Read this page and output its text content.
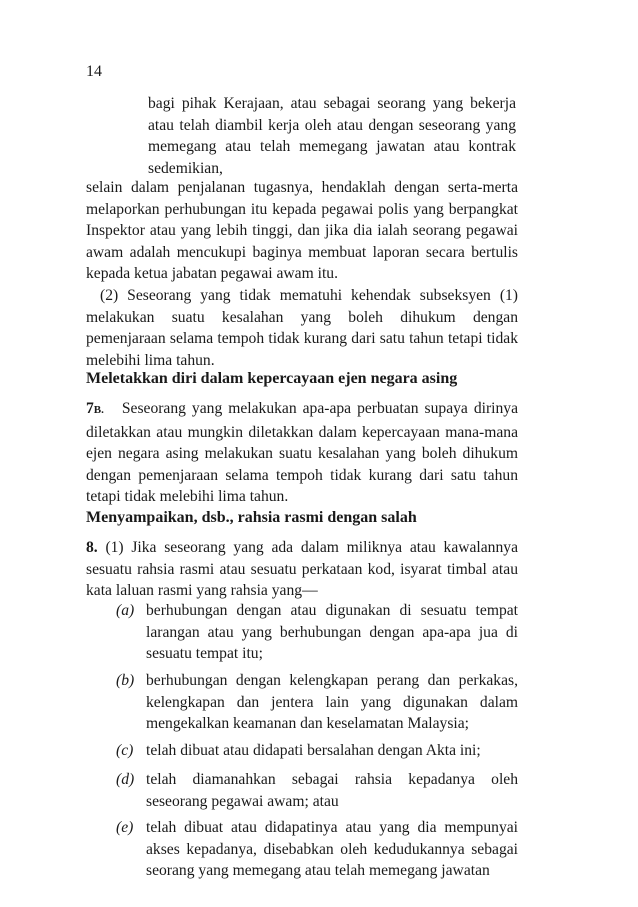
14

bagi pihak Kerajaan, atau sebagai seorang yang bekerja atau telah diambil kerja oleh atau dengan seseorang yang memegang atau telah memegang jawatan atau kontrak sedemikian,

selain dalam penjalanan tugasnya, hendaklah dengan serta-merta melaporkan perhubungan itu kepada pegawai polis yang berpangkat Inspektor atau yang lebih tinggi, dan jika dia ialah seorang pegawai awam adalah mencukupi baginya membuat laporan secara bertulis kepada ketua jabatan pegawai awam itu.

(2) Seseorang yang tidak mematuhi kehendak subseksyen (1) melakukan suatu kesalahan yang boleh dihukum dengan pemenjaraan selama tempoh tidak kurang dari satu tahun tetapi tidak melebihi lima tahun.

Meletakkan diri dalam kepercayaan ejen negara asing

7B. Seseorang yang melakukan apa-apa perbuatan supaya dirinya diletakkan atau mungkin diletakkan dalam kepercayaan mana-mana ejen negara asing melakukan suatu kesalahan yang boleh dihukum dengan pemenjaraan selama tempoh tidak kurang dari satu tahun tetapi tidak melebihi lima tahun.

Menyampaikan, dsb., rahsia rasmi dengan salah

8. (1) Jika seseorang yang ada dalam miliknya atau kawalannya sesuatu rahsia rasmi atau sesuatu perkataan kod, isyarat timbal atau kata laluan rasmi yang rahsia yang—

(a) berhubungan dengan atau digunakan di sesuatu tempat larangan atau yang berhubungan dengan apa-apa jua di sesuatu tempat itu;
(b) berhubungan dengan kelengkapan perang dan perkakas, kelengkapan dan jentera lain yang digunakan dalam mengekalkan keamanan dan keselamatan Malaysia;
(c) telah dibuat atau didapati bersalahan dengan Akta ini;
(d) telah diamanahkan sebagai rahsia kepadanya oleh seseorang pegawai awam; atau
(e) telah dibuat atau didapatinya atau yang dia mempunyai akses kepadanya, disebabkan oleh kedudukannya sebagai seorang yang memegang atau telah memegang jawatan
